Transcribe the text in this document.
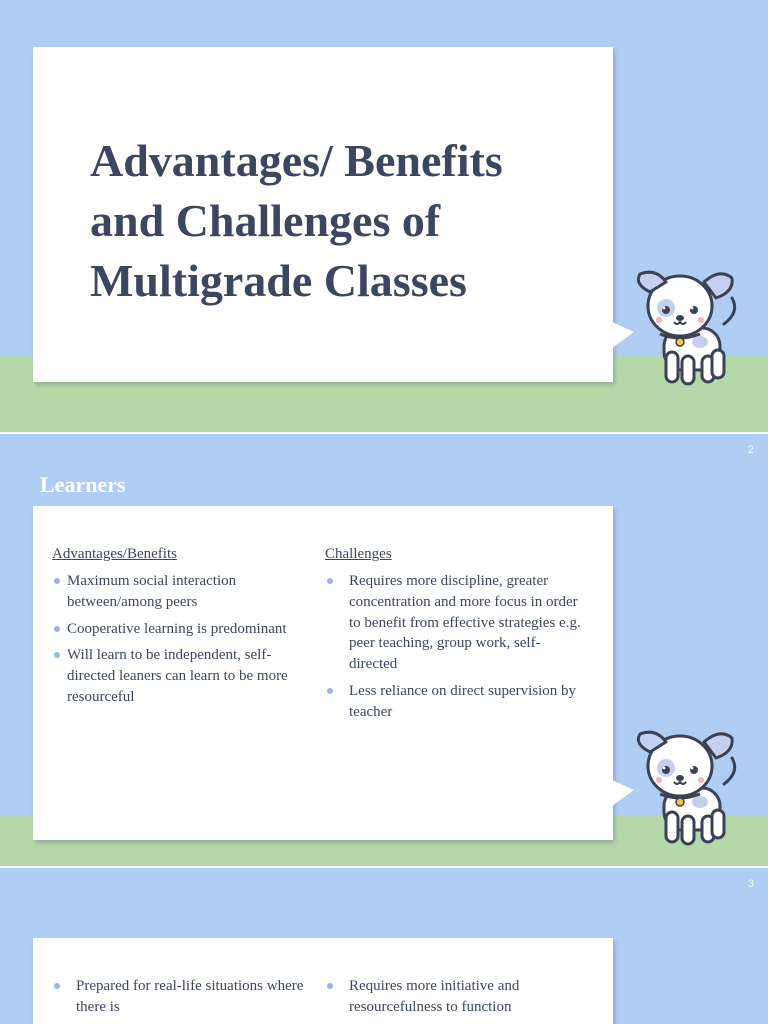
Advantages/ Benefits and Challenges of Multigrade Classes
2
Learners
Advantages/Benefits
Maximum social interaction between/among peers
Cooperative learning is predominant
Will learn to be independent, self-directed leaners can learn to be more resourceful
Challenges
Requires more discipline, greater concentration and more focus in order to benefit from effective strategies e.g. peer teaching, group work, self-directed
Less reliance on direct supervision by teacher
3
Prepared for real-life situations where there is
Requires more initiative and resourcefulness to function
